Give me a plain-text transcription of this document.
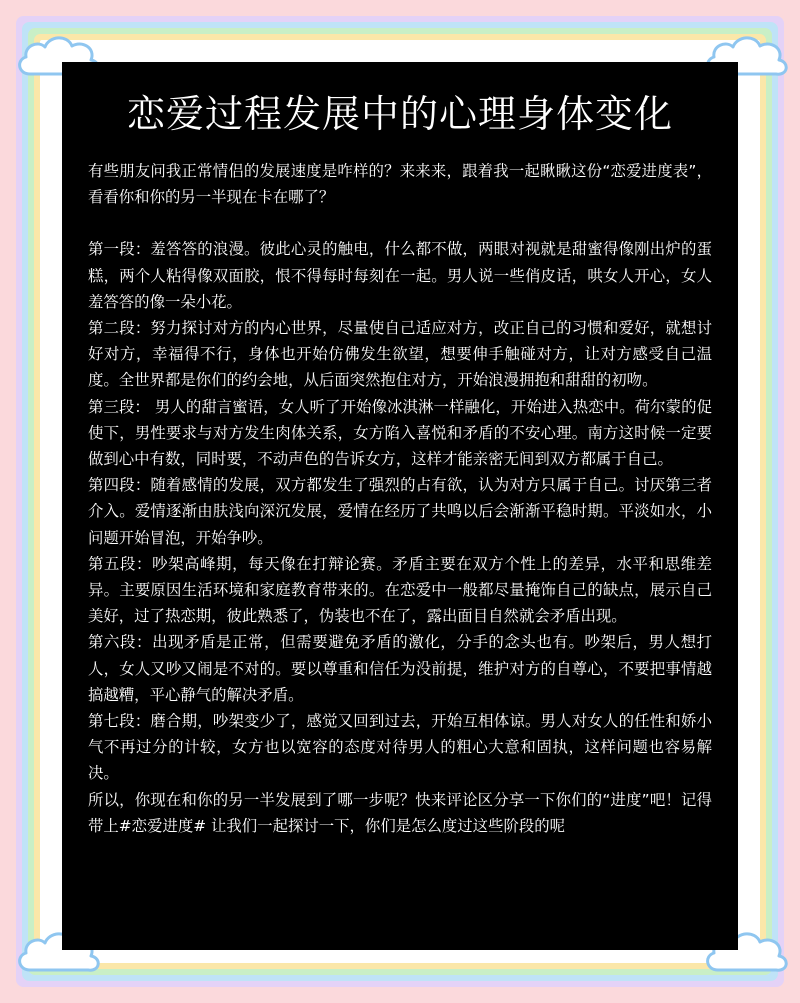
恋爱过程发展中的心理身体变化

有些朋友问我正常情侣的发展速度是咋样的？来来来，跟着我一起瞅瞅这份“恋爱进度表”，看看你和你的另一半现在卡在哪了？

第一段：羞答答的浪漫。彼此心灵的触电，什么都不做，两眼对视就是甜蜜得像刚出炉的蛋糕，两个人粘得像双面胶，恨不得每时每刻在一起。男人说一些俏皮话，哄女人开心，女人羞答答的像一朵小花。

第二段：努力探讨对方的内心世界，尽量使自己适应对方，改正自己的习惯和爱好，就想讨好对方，幸福得不行，身体也开始仿佛发生欲望，想要伸手触碰对方，让对方感受自己温度。全世界都是你们的约会地，从后面突然抱住对方，开始浪漫拥抱和甜甜的初吻。

第三段： 男人的甜言蜜语，女人听了开始像冰淇淋一样融化，开始进入热恋中。荷尔蒙的促使下，男性要求与对方发生肉体关系，女方陷入喜悦和矛盾的不安心理。南方这时候一定要做到心中有数，同时要，不动声色的告诉女方，这样才能亲密无间到双方都属于自己。

第四段：随着感情的发展，双方都发生了强烈的占有欲，认为对方只属于自己。讨厌第三者介入。爱情逐渐由肤浅向深沉发展，爱情在经历了共鸣以后会渐渐平稳时期。平淡如水，小问题开始冒泡，开始争吵。

第五段：吵架高峰期，每天像在打辩论赛。矛盾主要在双方个性上的差异，水平和思维差异。主要原因生活环境和家庭教育带来的。在恋爱中一般都尽量掩饰自己的缺点，展示自己美好，过了热恋期，彼此熟悉了，伪装也不在了，露出面目自然就会矛盾出现。

第六段：出现矛盾是正常，但需要避免矛盾的激化，分手的念头也有。吵架后，男人想打人，女人又吵又闹是不对的。要以尊重和信任为没前提，维护对方的自尊心，不要把事情越搞越糟，平心静气的解决矛盾。

第七段：磨合期，吵架变少了，感觉又回到过去，开始互相体谅。男人对女人的任性和娇小气不再过分的计较，女方也以宽容的态度对待男人的粗心大意和固执，这样问题也容易解决。

所以，你现在和你的另一半发展到了哪一步呢？快来评论区分享一下你们的“进度”吧！记得带上#恋爱进度# 让我们一起探讨一下，你们是怎么度过这些阶段的呢
